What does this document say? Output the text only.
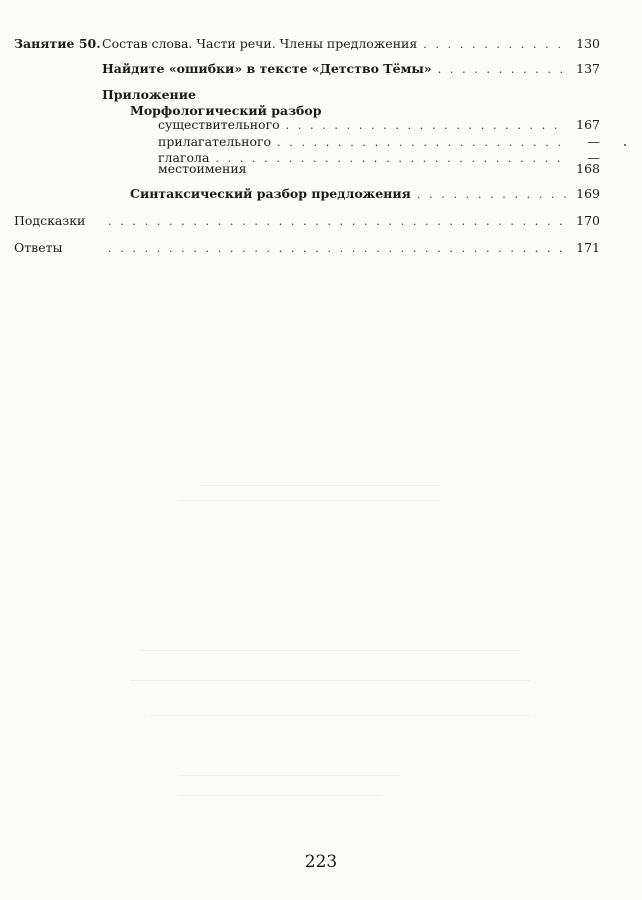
Занятие 50.Состав слова. Части речи. Члены предложения . . .	130
Найдите «ошибки» в тексте «Детство Тёмы» . . .	137
Приложение
Морфологический разбор
существительного . . .	167
прилагательного . . .	—
глагола . . .	—
местоимения	168
Синтаксический разбор предложения . . .	169
Подсказки . . .	170
Ответы . . .	171
223
